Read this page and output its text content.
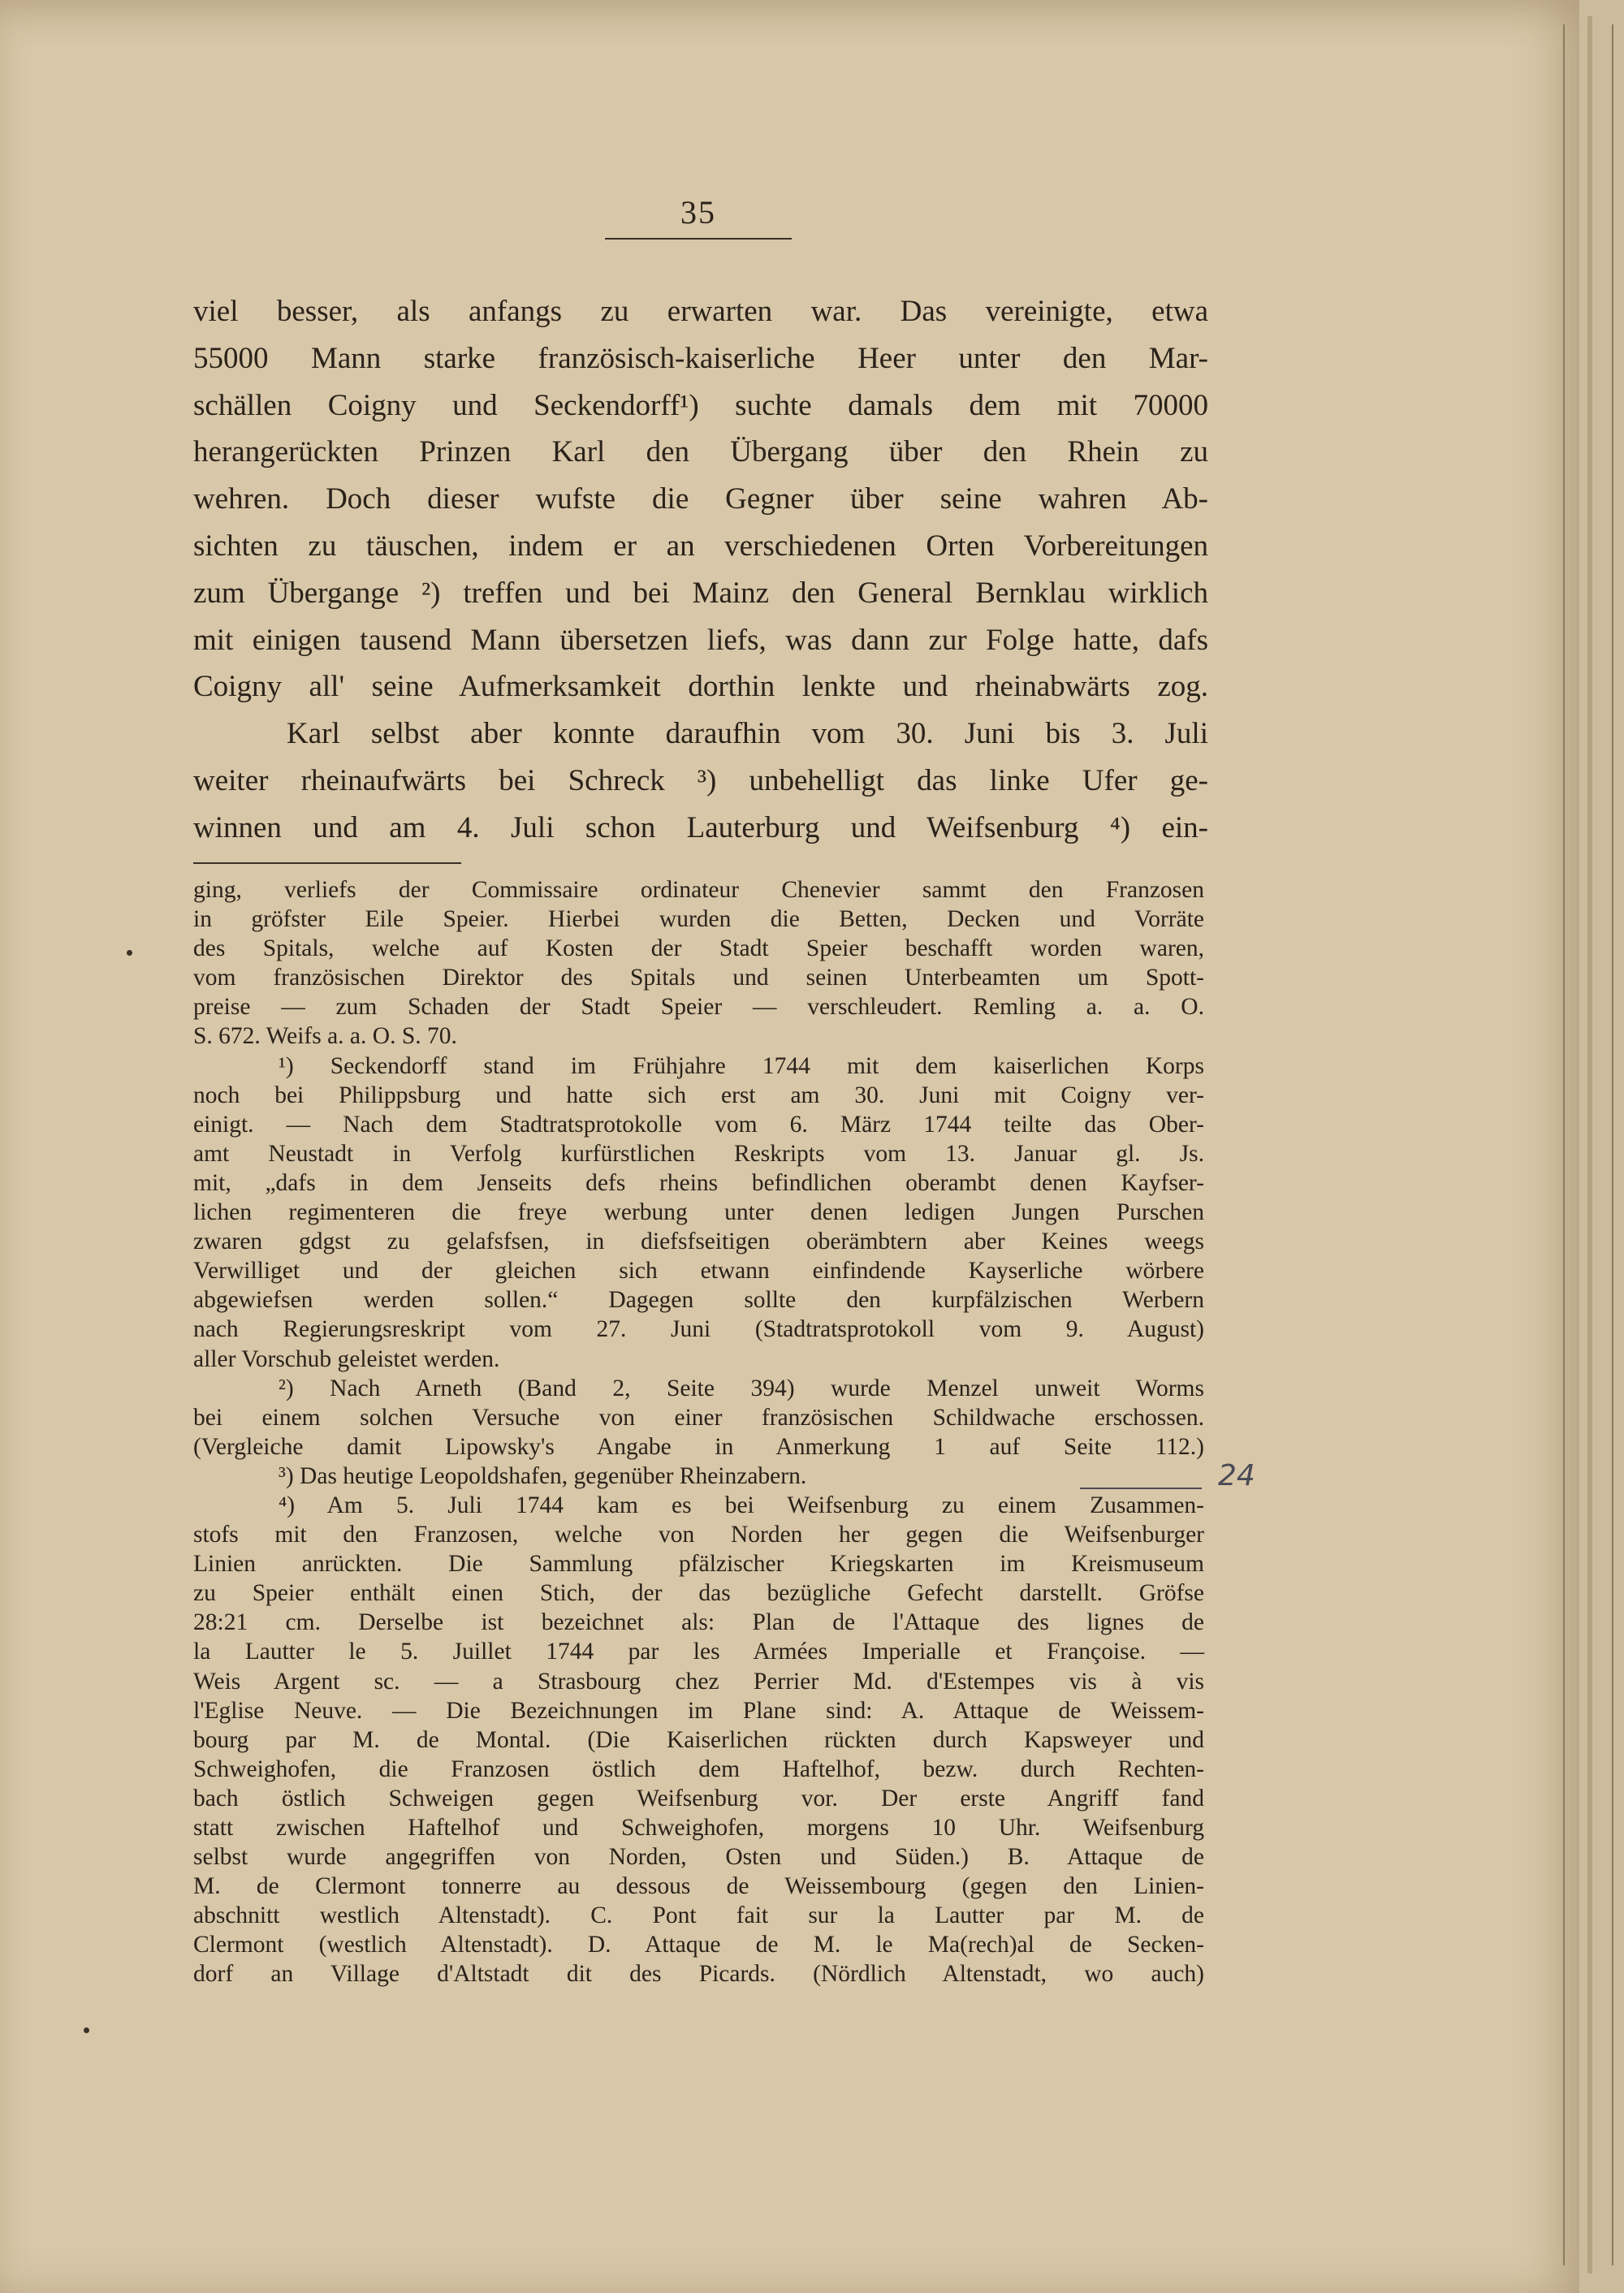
35
viel besser, als anfangs zu erwarten war. Das vereinigte, etwa
55000 Mann starke französisch-kaiserliche Heer unter den Mar-
schällen Coigny und Seckendorff¹) suchte damals dem mit 70000
herangerückten Prinzen Karl den Übergang über den Rhein zu
wehren. Doch dieser wufste die Gegner über seine wahren Ab-
sichten zu täuschen, indem er an verschiedenen Orten Vorbereitungen
zum Übergange ²) treffen und bei Mainz den General Bernklau wirklich
mit einigen tausend Mann übersetzen liefs, was dann zur Folge hatte, dafs
Coigny all' seine Aufmerksamkeit dorthin lenkte und rheinabwärts zog.
Karl selbst aber konnte daraufhin vom 30. Juni bis 3. Juli
weiter rheinaufwärts bei Schreck ³) unbehelligt das linke Ufer ge-
winnen und am 4. Juli schon Lauterburg und Weifsenburg ⁴) ein-
ging, verliefs der Commissaire ordinateur Chenevier sammt den Franzosen
in gröfster Eile Speier. Hierbei wurden die Betten, Decken und Vorräte
des Spitals, welche auf Kosten der Stadt Speier beschafft worden waren,
vom französischen Direktor des Spitals und seinen Unterbeamten um Spott-
preise — zum Schaden der Stadt Speier — verschleudert. Remling a. a. O.
S. 672. Weifs a. a. O. S. 70.
¹) Seckendorff stand im Frühjahre 1744 mit dem kaiserlichen Korps
noch bei Philippsburg und hatte sich erst am 30. Juni mit Coigny ver-
einigt. — Nach dem Stadtratsprotokolle vom 6. März 1744 teilte das Ober-
amt Neustadt in Verfolg kurfürstlichen Reskripts vom 13. Januar gl. Js.
mit, „dafs in dem Jenseits defs rheins befindlichen oberambt denen Kayfser-
lichen regimenteren die freye werbung unter denen ledigen Jungen Purschen
zwaren gdgst zu gelafsfsen, in diefsfseitigen oberämbtern aber Keines weegs
Verwilliget und der gleichen sich etwann einfindende Kayserliche wörbere
abgewiefsen werden sollen.“ Dagegen sollte den kurpfälzischen Werbern
nach Regierungsreskript vom 27. Juni (Stadtratsprotokoll vom 9. August)
aller Vorschub geleistet werden.
²) Nach Arneth (Band 2, Seite 394) wurde Menzel unweit Worms
bei einem solchen Versuche von einer französischen Schildwache erschossen.
(Vergleiche damit Lipowsky's Angabe in Anmerkung 1 auf Seite 112.)
³) Das heutige Leopoldshafen, gegenüber Rheinzabern.
⁴) Am 5. Juli 1744 kam es bei Weifsenburg zu einem Zusammen-
stofs mit den Franzosen, welche von Norden her gegen die Weifsenburger
Linien anrückten. Die Sammlung pfälzischer Kriegskarten im Kreismuseum
zu Speier enthält einen Stich, der das bezügliche Gefecht darstellt. Gröfse
28:21 cm. Derselbe ist bezeichnet als: Plan de l'Attaque des lignes de
la Lautter le 5. Juillet 1744 par les Armées Imperialle et Françoise. —
Weis Argent sc. — a Strasbourg chez Perrier Md. d'Estempes vis à vis
l'Eglise Neuve. — Die Bezeichnungen im Plane sind: A. Attaque de Weissem-
bourg par M. de Montal. (Die Kaiserlichen rückten durch Kapsweyer und
Schweighofen, die Franzosen östlich dem Haftelhof, bezw. durch Rechten-
bach östlich Schweigen gegen Weifsenburg vor. Der erste Angriff fand
statt zwischen Haftelhof und Schweighofen, morgens 10 Uhr. Weifsenburg
selbst wurde angegriffen von Norden, Osten und Süden.) B. Attaque de
M. de Clermont tonnerre au dessous de Weissembourg (gegen den Linien-
abschnitt westlich Altenstadt). C. Pont fait sur la Lautter par M. de
Clermont (westlich Altenstadt). D. Attaque de M. le Ma(rech)al de Secken-
dorf an Village d'Altstadt dit des Picards. (Nördlich Altenstadt, wo auch)
24
